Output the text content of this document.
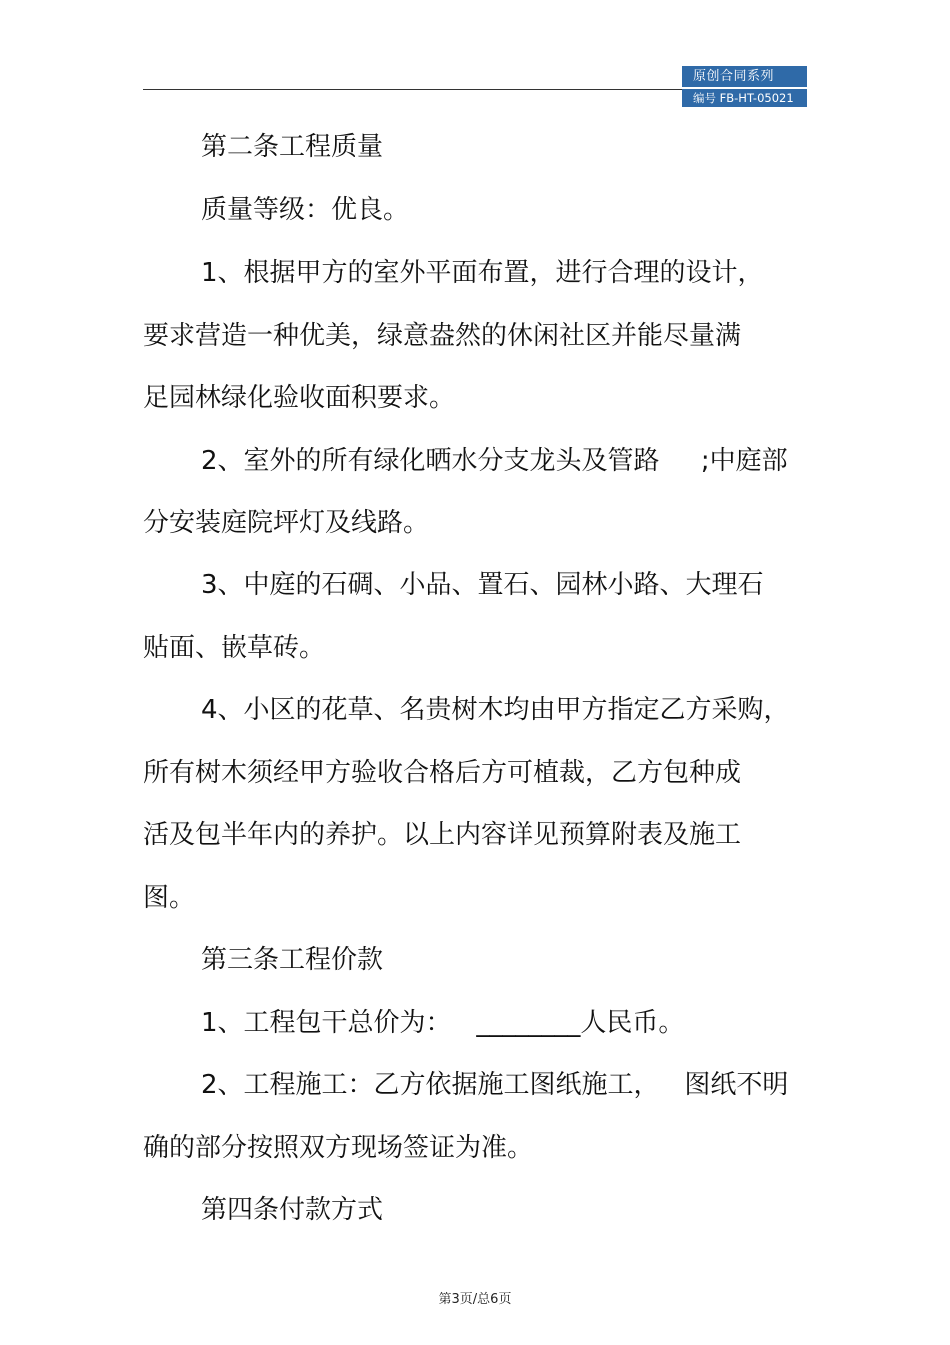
原创合同系列
编号 FB-HT-05021
第二条工程质量
质量等级：优良。
1、根据甲方的室外平面布置，进行合理的设计，
要求营造一种优美，绿意盎然的休闲社区并能尽量满
足园林绿化验收面积要求。
2、室外的所有绿化晒水分支龙头及管路     ;中庭部
分安装庭院坪灯及线路。
3、中庭的石碉、小品、置石、园林小路、大理石
贴面、嵌草砖。
4、小区的花草、名贵树木均由甲方指定乙方采购，
所有树木须经甲方验收合格后方可植裁，乙方包种成
活及包半年内的养护。以上内容详见预算附表及施工
图。
第三条工程价款
1、工程包干总价为：   ________人民币。
2、工程施工：乙方依据施工图纸施工，   图纸不明
确的部分按照双方现场签证为准。
第四条付款方式
第3页/总6页
